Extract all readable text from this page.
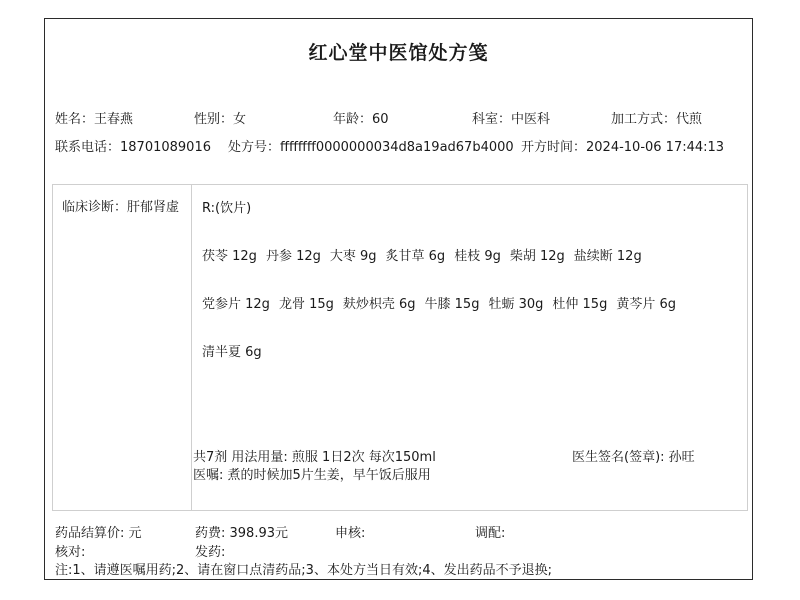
红心堂中医馆处方笺
姓名：王春燕	性别：女	年龄：60	科室：中医科	加工方式：代煎
联系电话：18701089016 处方号：ffffffff0000000034d8a19ad67b4000 开方时间：2024-10-06 17:44:13
临床诊断：肝郁肾虚 R:(饮片)
茯苓 12g 丹参 12g 大枣 9g 炙甘草 6g 桂枝 9g 柴胡 12g 盐续断 12g
党参片 12g 龙骨 15g 麸炒枳壳 6g 牛膝 15g 牡蛎 30g 杜仲 15g 黄芩片 6g
清半夏 6g
共7剂 用法用量: 煎服 1日2次 每次150ml	医生签名(签章): 孙旺
医嘱: 煮的时候加5片生姜，早午饭后服用
药品结算价: 元	药费: 398.93元	申核:	调配:
核对:	发药:
注:1、请遵医嘱用药;2、请在窗口点清药品;3、本处方当日有效;4、发出药品不予退换;
